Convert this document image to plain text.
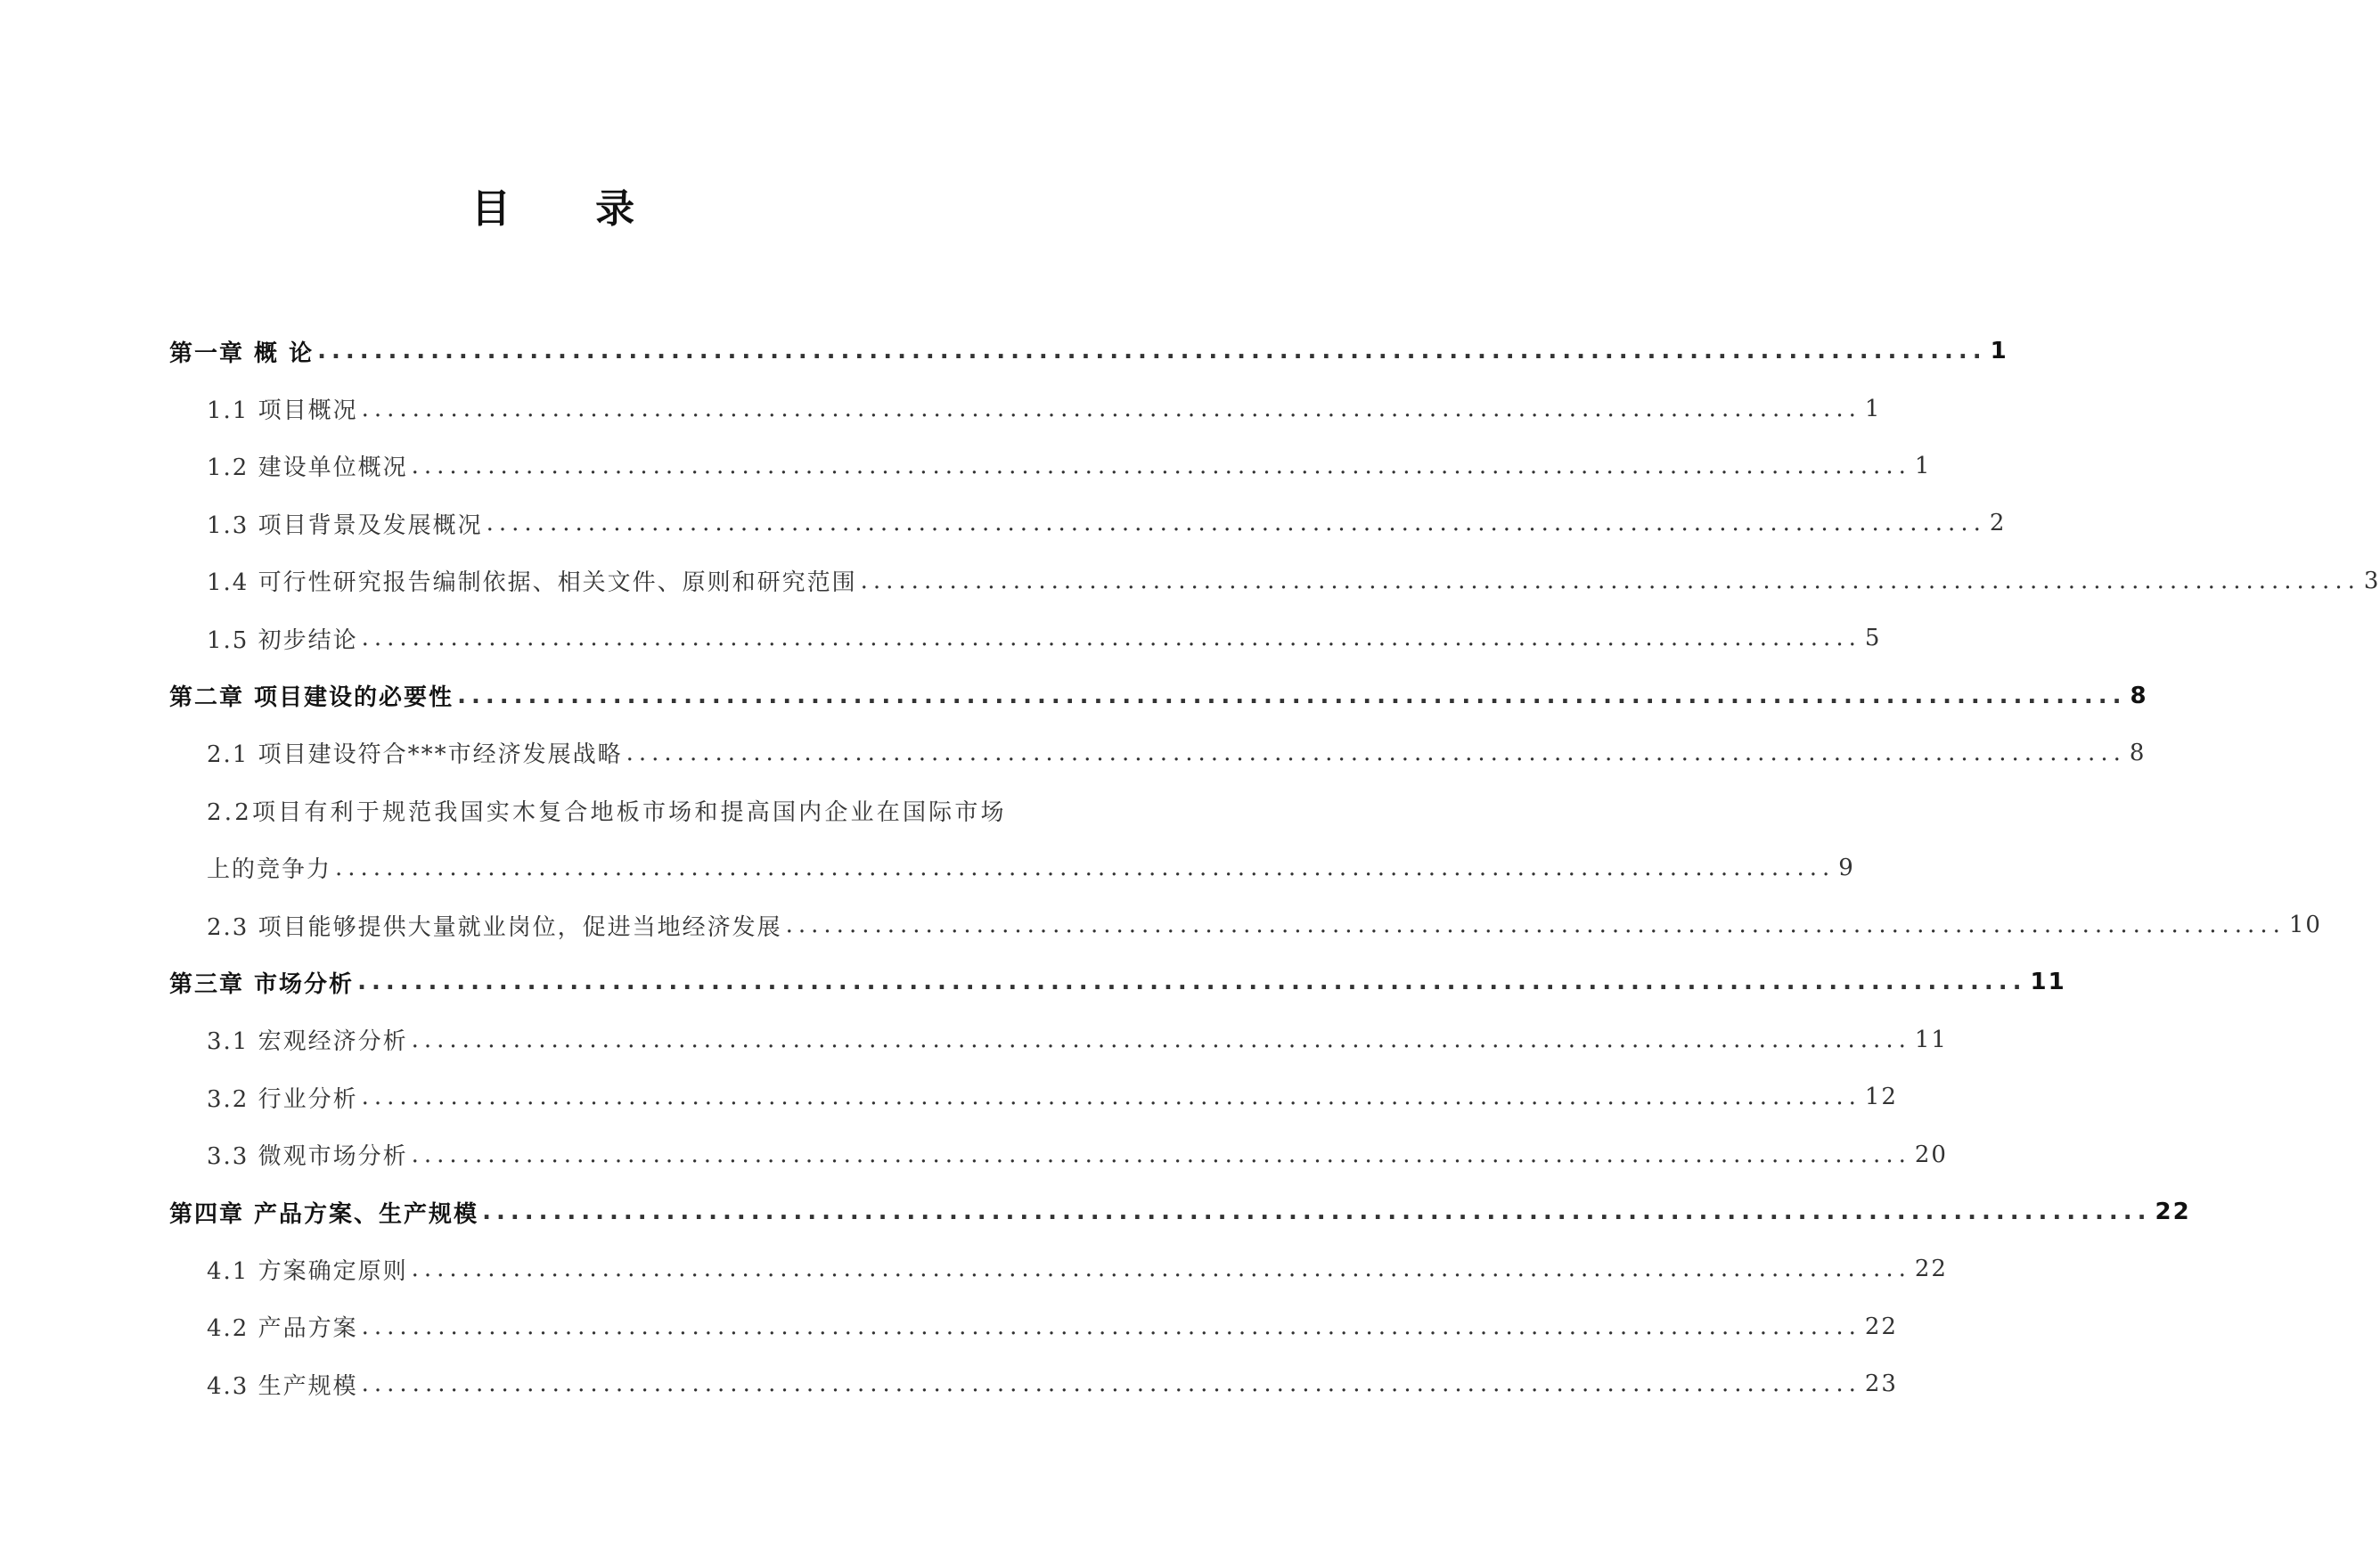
目 录
第一章 概 论 ...................................................................................................................... 1
1.1 项目概况 ...................................................................................................................... 1
1.2 建设单位概况 ...................................................................................................................... 1
1.3 项目背景及发展概况 ...................................................................................................................... 2
1.4 可行性研究报告编制依据、相关文件、原则和研究范围 ...................................................................................................................... 3
1.5 初步结论 ...................................................................................................................... 5
第二章 项目建设的必要性 ...................................................................................................................... 8
2.1 项目建设符合***市经济发展战略 ...................................................................................................................... 8
2.2项目有利于规范我国实木复合地板市场和提高国内企业在国际市场
上的竞争力 ...................................................................................................................... 9
2.3 项目能够提供大量就业岗位，促进当地经济发展 ...................................................................................................................... 10
第三章 市场分析 ...................................................................................................................... 11
3.1 宏观经济分析 ...................................................................................................................... 11
3.2 行业分析 ...................................................................................................................... 12
3.3 微观市场分析 ...................................................................................................................... 20
第四章 产品方案、生产规模 ...................................................................................................................... 22
4.1 方案确定原则 ...................................................................................................................... 22
4.2 产品方案 ...................................................................................................................... 22
4.3 生产规模 ...................................................................................................................... 23
